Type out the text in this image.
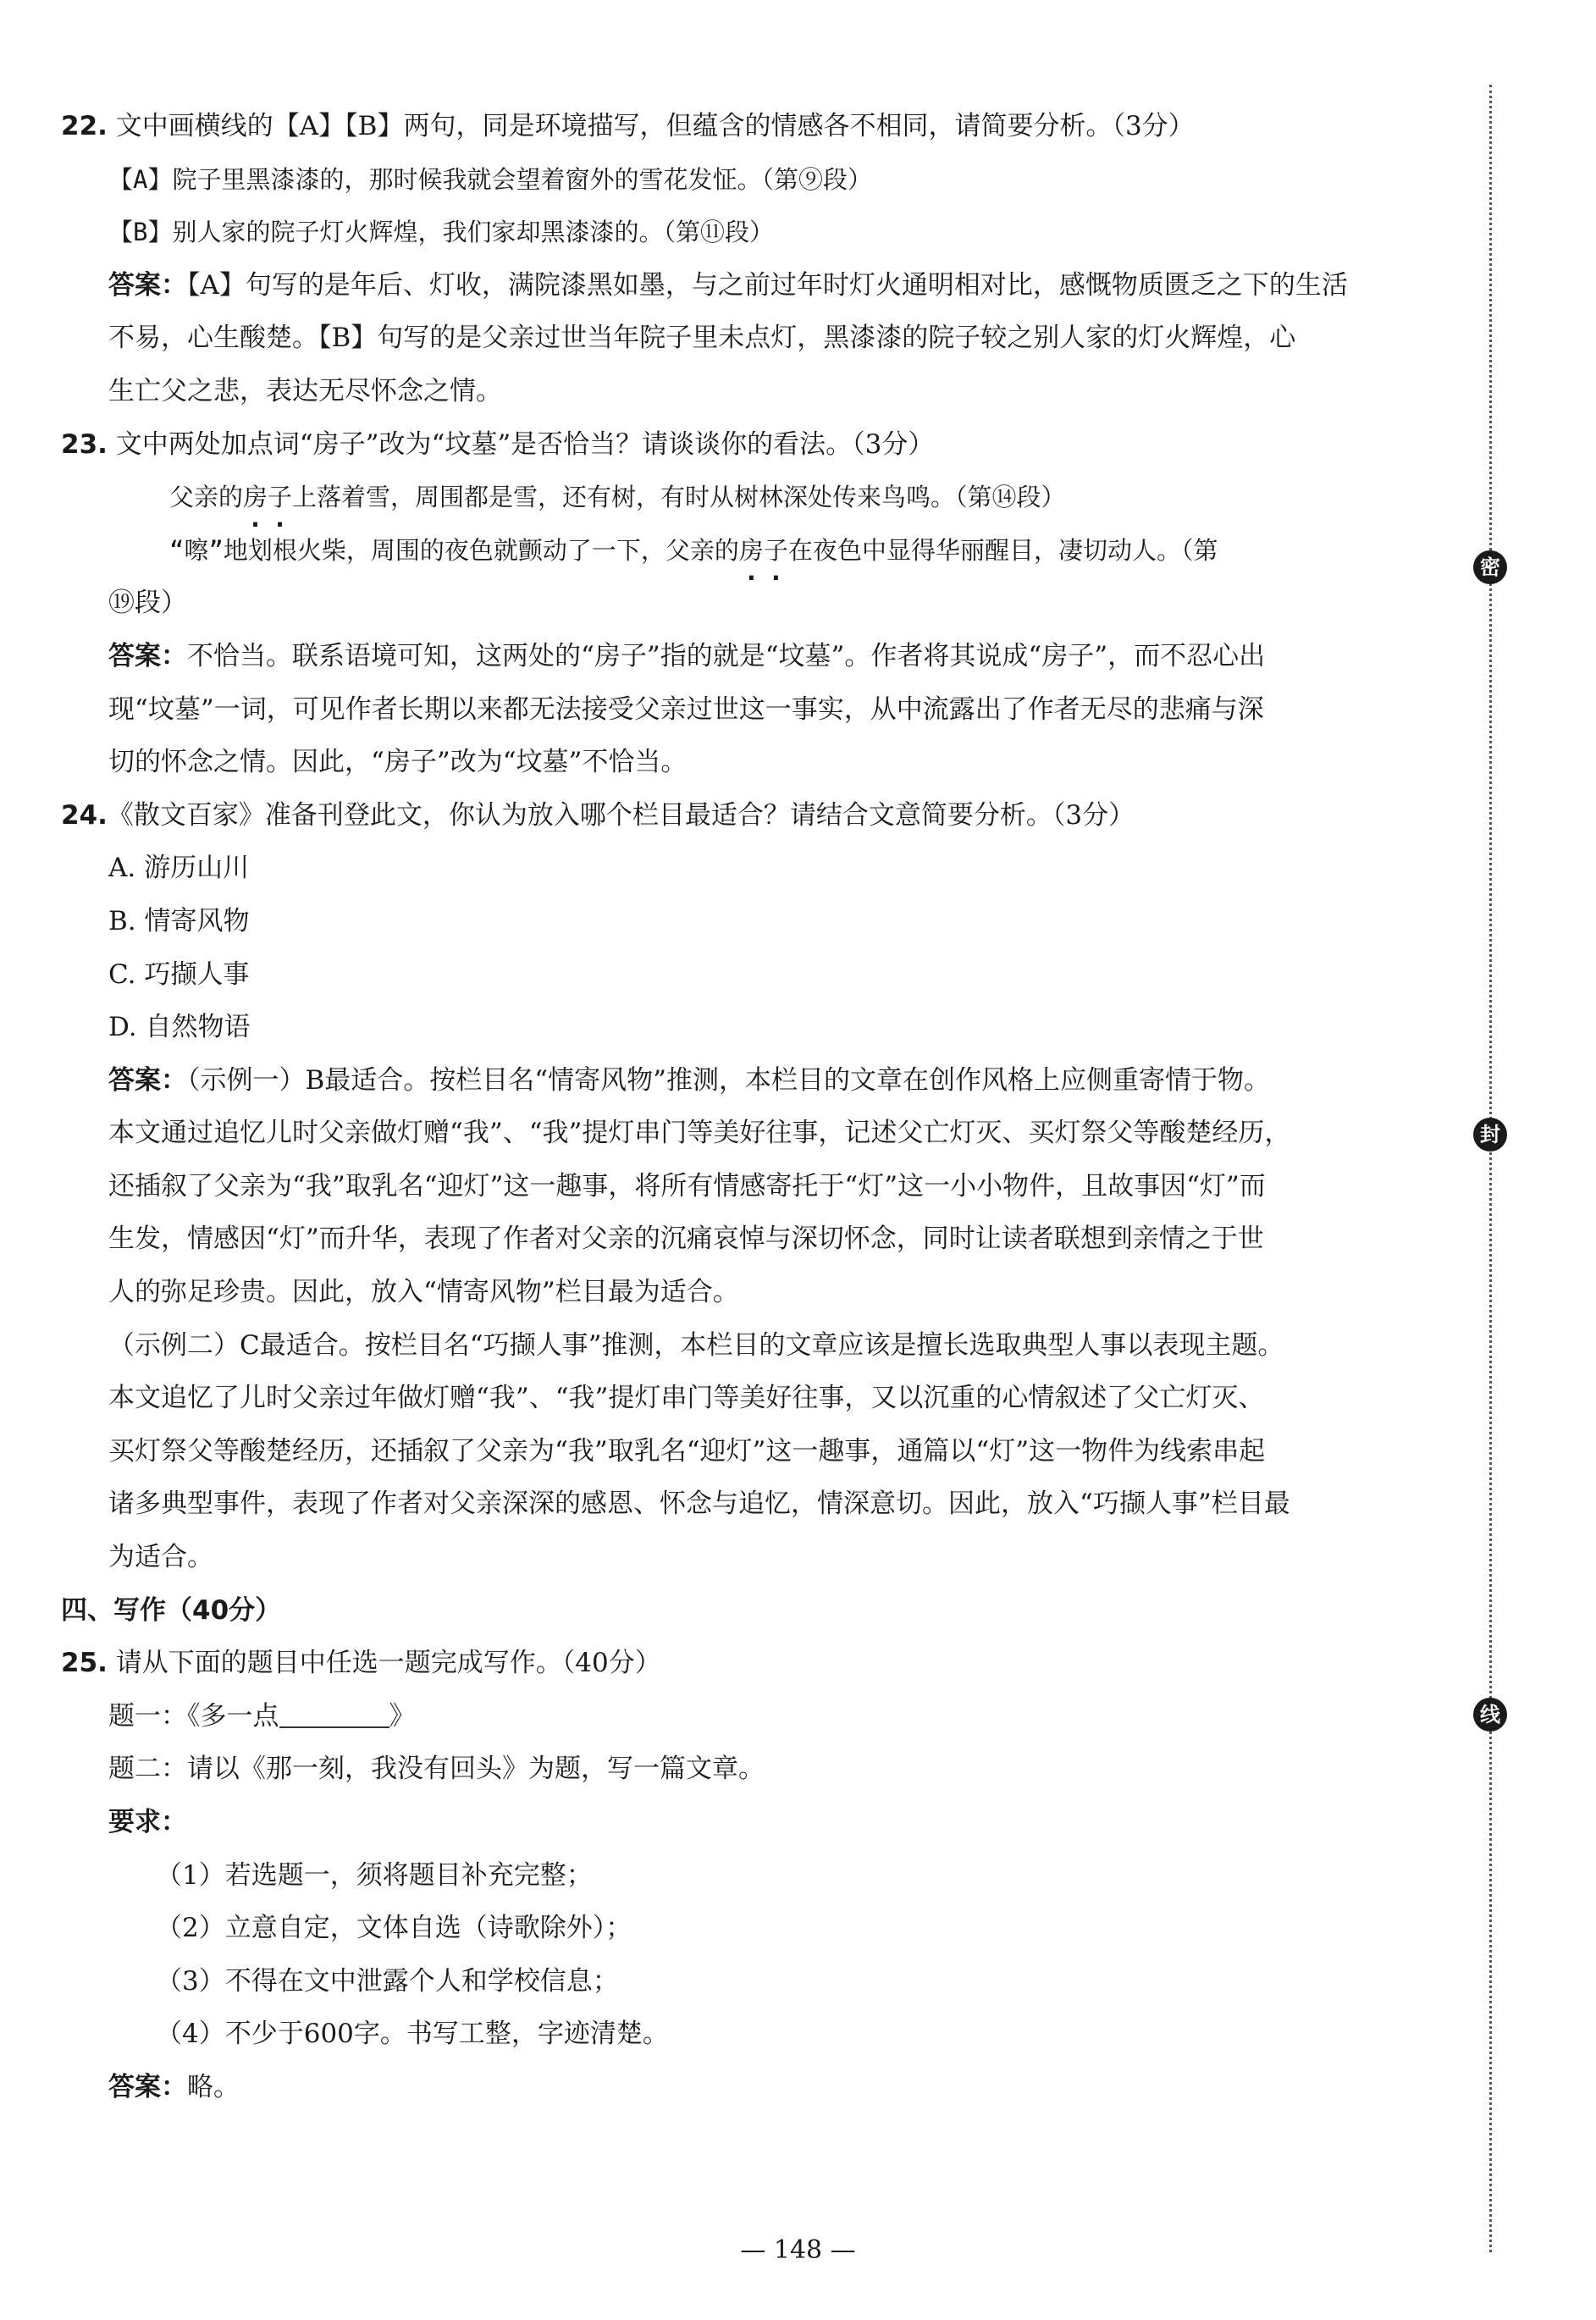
22. 文中画横线的【A】【B】两句，同是环境描写，但蕴含的情感各不相同，请简要分析。（3分）
【A】院子里黑漆漆的，那时候我就会望着窗外的雪花发怔。（第⑨段）
【B】别人家的院子灯火辉煌，我们家却黑漆漆的。（第⑪段）
答案：【A】句写的是年后、灯收，满院漆黑如墨，与之前过年时灯火通明相对比，感慨物质匮乏之下的生活
不易，心生酸楚。【B】句写的是父亲过世当年院子里未点灯，黑漆漆的院子较之别人家的灯火辉煌，心
生亡父之悲，表达无尽怀念之情。
23. 文中两处加点词“房子”改为“坟墓”是否恰当？请谈谈你的看法。（3分）
父亲的房子上落着雪，周围都是雪，还有树，有时从树林深处传来鸟鸣。（第⑭段）
“嚓”地划根火柴，周围的夜色就颤动了一下，父亲的房子在夜色中显得华丽醒目，凄切动人。（第
⑲段）
答案：不恰当。联系语境可知，这两处的“房子”指的就是“坟墓”。作者将其说成“房子”，而不忍心出
现“坟墓”一词，可见作者长期以来都无法接受父亲过世这一事实，从中流露出了作者无尽的悲痛与深
切的怀念之情。因此，“房子”改为“坟墓”不恰当。
24.《散文百家》准备刊登此文，你认为放入哪个栏目最适合？请结合文意简要分析。（3分）
A. 游历山川
B. 情寄风物
C. 巧撷人事
D. 自然物语
答案：（示例一）B最适合。按栏目名“情寄风物”推测，本栏目的文章在创作风格上应侧重寄情于物。
本文通过追忆儿时父亲做灯赠“我”、“我”提灯串门等美好往事，记述父亡灯灭、买灯祭父等酸楚经历，
还插叙了父亲为“我”取乳名“迎灯”这一趣事，将所有情感寄托于“灯”这一小小物件，且故事因“灯”而
生发，情感因“灯”而升华，表现了作者对父亲的沉痛哀悼与深切怀念，同时让读者联想到亲情之于世
人的弥足珍贵。因此，放入“情寄风物”栏目最为适合。
（示例二）C最适合。按栏目名“巧撷人事”推测，本栏目的文章应该是擅长选取典型人事以表现主题。
本文追忆了儿时父亲过年做灯赠“我”、“我”提灯串门等美好往事，又以沉重的心情叙述了父亡灯灭、
买灯祭父等酸楚经历，还插叙了父亲为“我”取乳名“迎灯”这一趣事，通篇以“灯”这一物件为线索串起
诸多典型事件，表现了作者对父亲深深的感恩、怀念与追忆，情深意切。因此，放入“巧撷人事”栏目最
为适合。
四、写作（40分）
25. 请从下面的题目中任选一题完成写作。（40分）
题一：《多一点	》
题二：请以《那一刻，我没有回头》为题，写一篇文章。
要求：
（1）若选题一，须将题目补充完整；
（2）立意自定，文体自选（诗歌除外）；
（3）不得在文中泄露个人和学校信息；
（4）不少于600字。书写工整，字迹清楚。
答案：略。
密
封
线
— 148 —
